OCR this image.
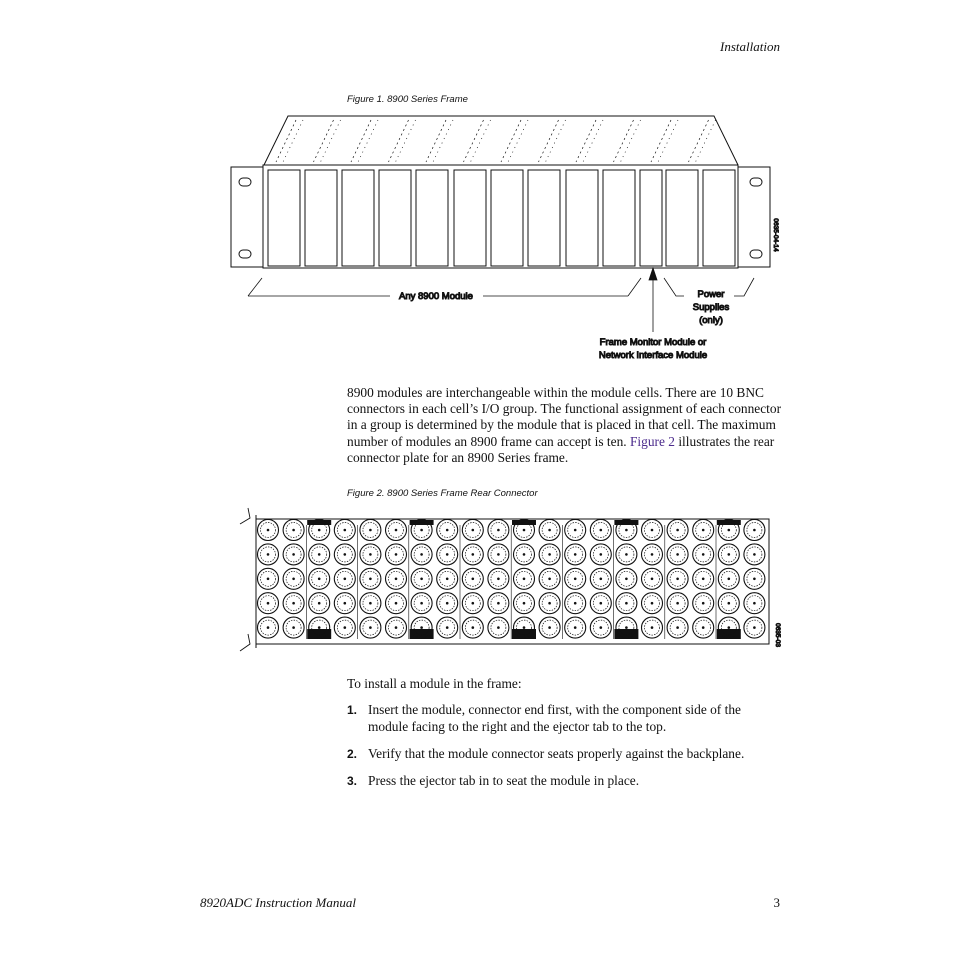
Installation
Figure 1. 8900 Series Frame
Any 8900 Module	Power
Supplies
(only)
Frame Monitor Module or
Network Interface Module
0635-04-14
8900 modules are interchangeable within the module cells. There are 10 BNC connectors in each cell’s I/O group. The functional assignment of each connector in a group is determined by the module that is placed in that cell. The maximum number of modules an 8900 frame can accept is ten. Figure 2 illustrates the rear connector plate for an 8900 Series frame.
Figure 2. 8900 Series Frame Rear Connector
0635-03
To install a module in the frame:
1. Insert the module, connector end first, with the component side of the module facing to the right and the ejector tab to the top.
2. Verify that the module connector seats properly against the backplane.
3. Press the ejector tab in to seat the module in place.
8920ADC Instruction Manual	3
